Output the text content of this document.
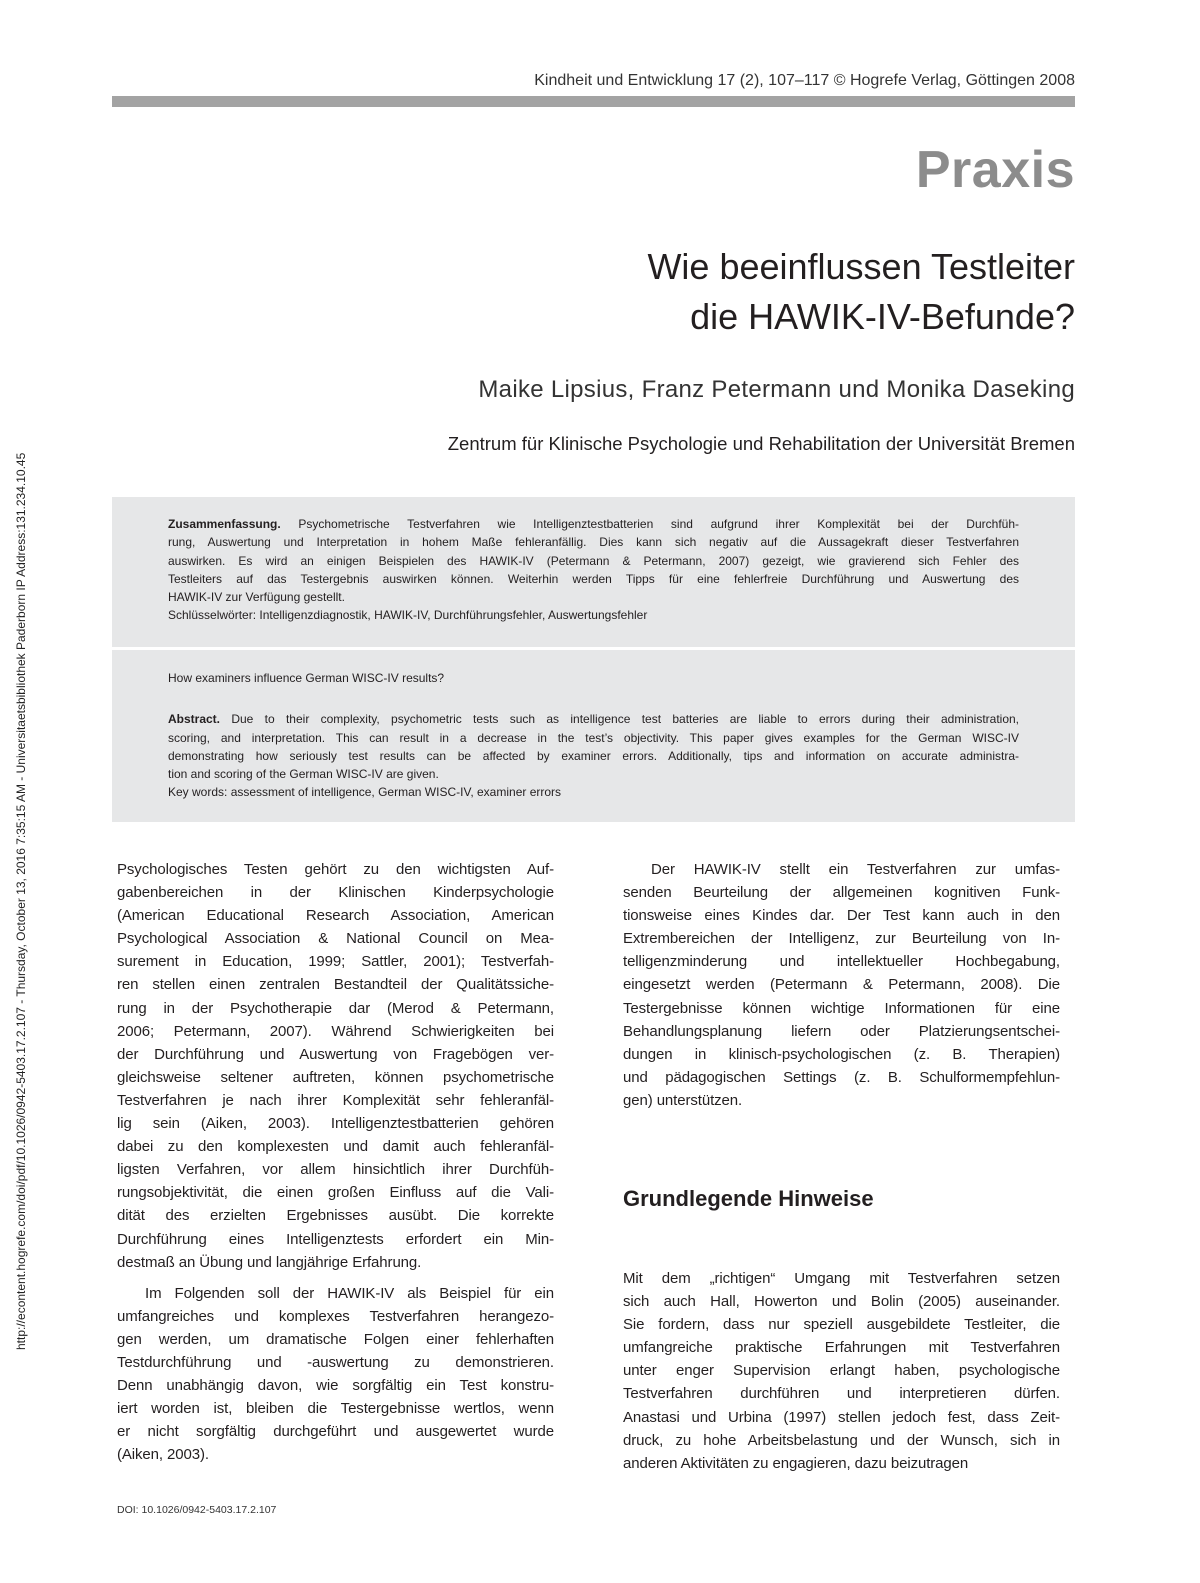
http://econtent.hogrefe.com/doi/pdf/10.1026/0942-5403.17.2.107 - Thursday, October 13, 2016 7:35:15 AM - Universitaetsbibliothek Paderborn IP Address:131.234.10.45
Kindheit und Entwicklung 17 (2), 107–117 © Hogrefe Verlag, Göttingen 2008
Praxis
Wie beeinflussen Testleiter
die HAWIK-IV-Befunde?
Maike Lipsius, Franz Petermann und Monika Daseking
Zentrum für Klinische Psychologie und Rehabilitation der Universität Bremen
Zusammenfassung. Psychometrische Testverfahren wie Intelligenztestbatterien sind aufgrund ihrer Komplexität bei der Durchfüh-
rung, Auswertung und Interpretation in hohem Maße fehleranfällig. Dies kann sich negativ auf die Aussagekraft dieser Testverfahren
auswirken. Es wird an einigen Beispielen des HAWIK-IV (Petermann & Petermann, 2007) gezeigt, wie gravierend sich Fehler des
Testleiters auf das Testergebnis auswirken können. Weiterhin werden Tipps für eine fehlerfreie Durchführung und Auswertung des
HAWIK-IV zur Verfügung gestellt.
Schlüsselwörter: Intelligenzdiagnostik, HAWIK-IV, Durchführungsfehler, Auswertungsfehler
How examiners influence German WISC-IV results?
Abstract. Due to their complexity, psychometric tests such as intelligence test batteries are liable to errors during their administration,
scoring, and interpretation. This can result in a decrease in the test’s objectivity. This paper gives examples for the German WISC-IV
demonstrating how seriously test results can be affected by examiner errors. Additionally, tips and information on accurate administra-
tion and scoring of the German WISC-IV are given.
Key words: assessment of intelligence, German WISC-IV, examiner errors
Psychologisches Testen gehört zu den wichtigsten Auf-
gabenbereichen in der Klinischen Kinderpsychologie
(American Educational Research Association, American
Psychological Association & National Council on Mea-
surement in Education, 1999; Sattler, 2001); Testverfah-
ren stellen einen zentralen Bestandteil der Qualitätssiche-
rung in der Psychotherapie dar (Merod & Petermann,
2006; Petermann, 2007). Während Schwierigkeiten bei
der Durchführung und Auswertung von Fragebögen ver-
gleichsweise seltener auftreten, können psychometrische
Testverfahren je nach ihrer Komplexität sehr fehleranfäl-
lig sein (Aiken, 2003). Intelligenztestbatterien gehören
dabei zu den komplexesten und damit auch fehleranfäl-
ligsten Verfahren, vor allem hinsichtlich ihrer Durchfüh-
rungsobjektivität, die einen großen Einfluss auf die Vali-
dität des erzielten Ergebnisses ausübt. Die korrekte
Durchführung eines Intelligenztests erfordert ein Min-
destmaß an Übung und langjährige Erfahrung.
Im Folgenden soll der HAWIK-IV als Beispiel für ein
umfangreiches und komplexes Testverfahren herangezo-
gen werden, um dramatische Folgen einer fehlerhaften
Testdurchführung und -auswertung zu demonstrieren.
Denn unabhängig davon, wie sorgfältig ein Test konstru-
iert worden ist, bleiben die Testergebnisse wertlos, wenn
er nicht sorgfältig durchgeführt und ausgewertet wurde
(Aiken, 2003).
Der HAWIK-IV stellt ein Testverfahren zur umfas-
senden Beurteilung der allgemeinen kognitiven Funk-
tionsweise eines Kindes dar. Der Test kann auch in den
Extrembereichen der Intelligenz, zur Beurteilung von In-
telligenzminderung und intellektueller Hochbegabung,
eingesetzt werden (Petermann & Petermann, 2008). Die
Testergebnisse können wichtige Informationen für eine
Behandlungsplanung liefern oder Platzierungsentschei-
dungen in klinisch-psychologischen (z. B. Therapien)
und pädagogischen Settings (z. B. Schulformempfehlun-
gen) unterstützen.
Grundlegende Hinweise
Mit dem „richtigen“ Umgang mit Testverfahren setzen
sich auch Hall, Howerton und Bolin (2005) auseinander.
Sie fordern, dass nur speziell ausgebildete Testleiter, die
umfangreiche praktische Erfahrungen mit Testverfahren
unter enger Supervision erlangt haben, psychologische
Testverfahren durchführen und interpretieren dürfen.
Anastasi und Urbina (1997) stellen jedoch fest, dass Zeit-
druck, zu hohe Arbeitsbelastung und der Wunsch, sich in
anderen Aktivitäten zu engagieren, dazu beizutragen
DOI: 10.1026/0942-5403.17.2.107
